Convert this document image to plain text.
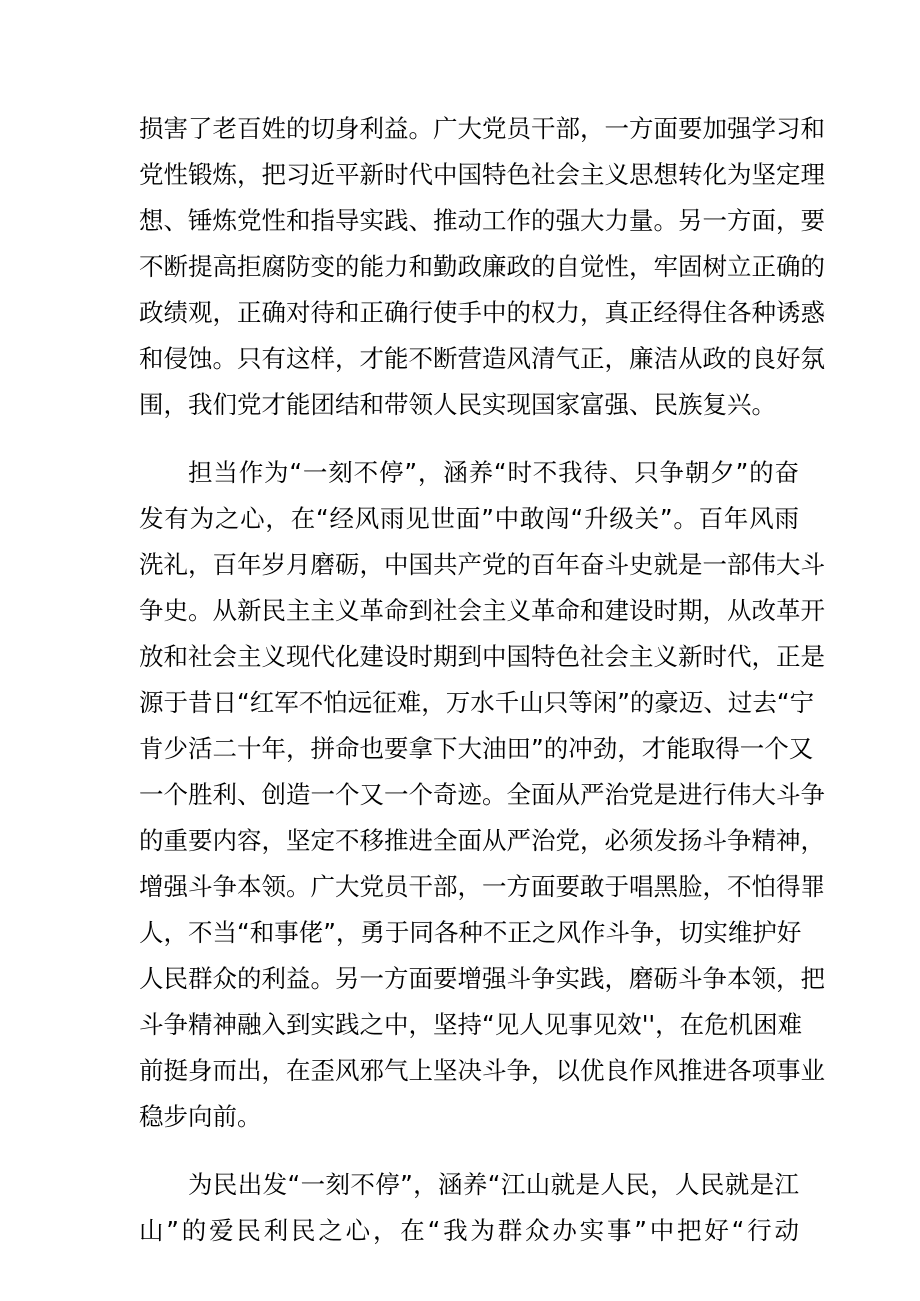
损害了老百姓的切身利益。广大党员干部，一方面要加强学习和
党性锻炼，把习近平新时代中国特色社会主义思想转化为坚定理
想、锤炼党性和指导实践、推动工作的强大力量。另一方面，要
不断提高拒腐防变的能力和勤政廉政的自觉性，牢固树立正确的
政绩观，正确对待和正确行使手中的权力，真正经得住各种诱惑
和侵蚀。只有这样，才能不断营造风清气正，廉洁从政的良好氛
围，我们党才能团结和带领人民实现国家富强、民族复兴。
担当作为“一刻不停”，涵养“时不我待、只争朝夕”的奋
发有为之心，在“经风雨见世面”中敢闯“升级关”。百年风雨
洗礼，百年岁月磨砺，中国共产党的百年奋斗史就是一部伟大斗
争史。从新民主主义革命到社会主义革命和建设时期，从改革开
放和社会主义现代化建设时期到中国特色社会主义新时代，正是
源于昔日“红军不怕远征难，万水千山只等闲”的豪迈、过去“宁
肯少活二十年，拼命也要拿下大油田”的冲劲，才能取得一个又
一个胜利、创造一个又一个奇迹。全面从严治党是进行伟大斗争
的重要内容，坚定不移推进全面从严治党，必须发扬斗争精神，
增强斗争本领。广大党员干部，一方面要敢于唱黑脸，不怕得罪
人，不当“和事佬”，勇于同各种不正之风作斗争，切实维护好
人民群众的利益。另一方面要增强斗争实践，磨砺斗争本领，把
斗争精神融入到实践之中，坚持“见人见事见效''，在危机困难
前挺身而出，在歪风邪气上坚决斗争，以优良作风推进各项事业
稳步向前。
为民出发“一刻不停”，涵养“江山就是人民，人民就是江
山”的爱民利民之心，在“我为群众办实事”中把好“行动
